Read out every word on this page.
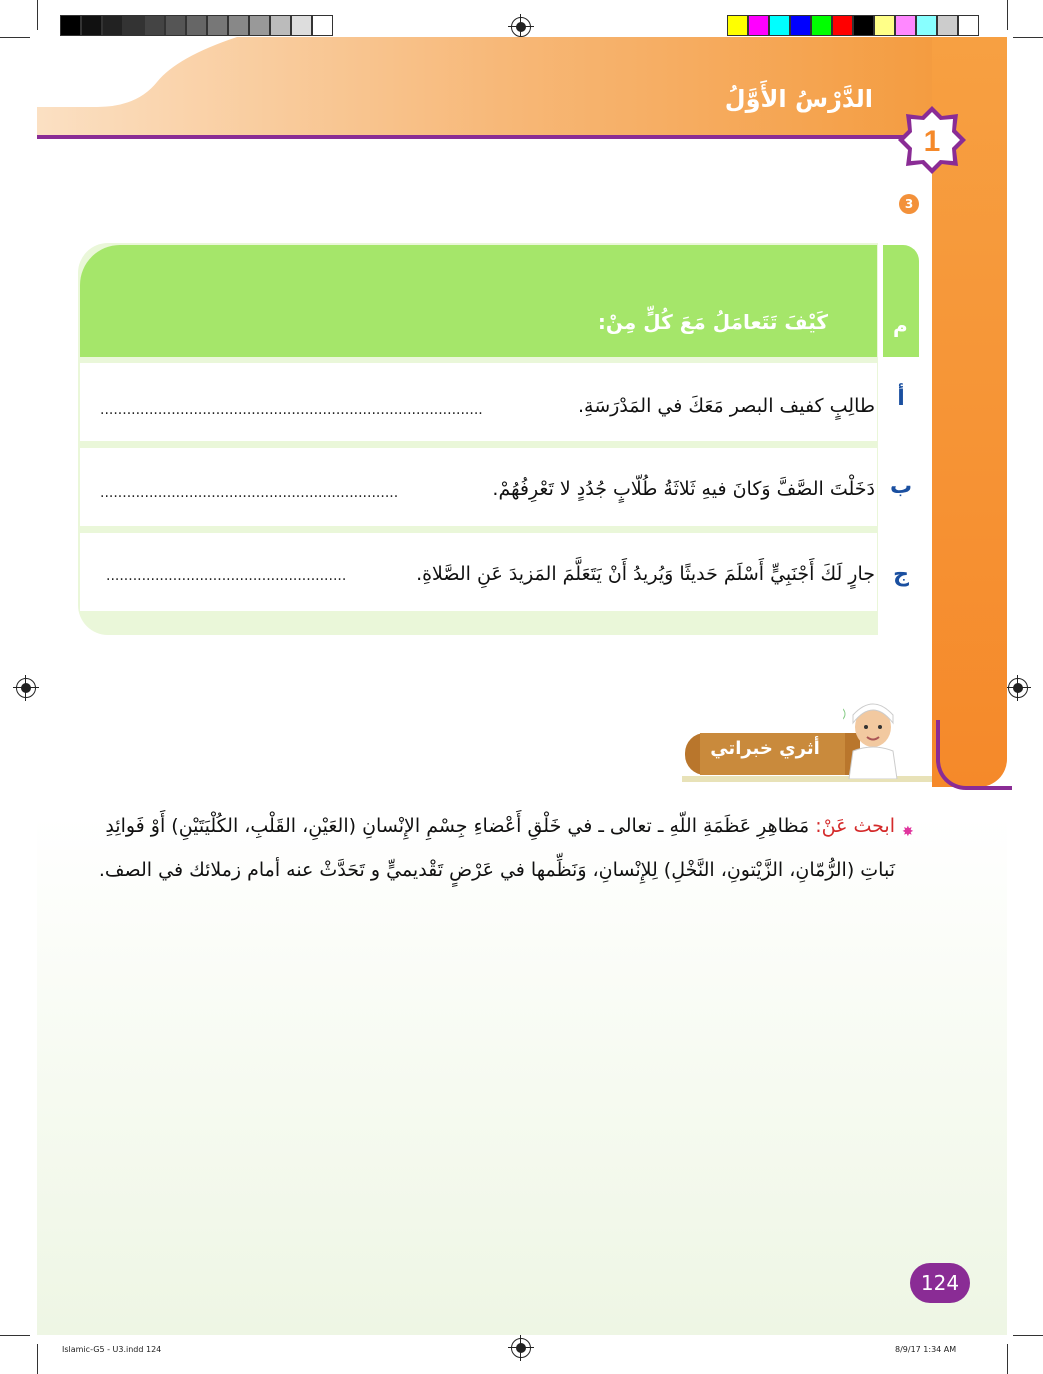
الدَّرْسُ الأَوَّلُ
1
3
كَيْفَ تَتَعامَلُ مَعَ كُلٍّ مِنْ:	م
أ
طالِبٍ كفيف البصر مَعَكَ في المَدْرَسَةِ.
......................................................................................
ب
دَخَلْتَ الصَّفَّ وَكانَ فيهِ ثَلاثَةُ طُلّابٍ جُدُدٍ لا تَعْرِفُهُمْ.
...................................................................
ج
جارٍ لَكَ أَجْنَبِيٍّ أَسْلَمَ حَديثًا وَيُريدُ أَنْ يَتَعَلَّمَ المَزيدَ عَنِ الصَّلاةِ.
......................................................
أثري خبراتي
✸
ابحث عَنْ: مَظاهِرِ عَظَمَةِ اللّهِ ـ تعالى ـ في خَلْقِ أَعْضاءِ جِسْمِ الإِنْسانِ (العَيْنِ، القَلْبِ، الكُلْيَتَيْنِ) أَوْ فَوائِدِ
نَباتِ (الرُّمّانِ، الزَّيْتونِ، النَّخْلِ) لِلإِنْسانِ، وَنَظِّمها في عَرْضٍ تَقْديميٍّ و تَحَدَّثْ عنه أمام زملائك في الصف.
124
Islamic-G5 - U3.indd 124	8/9/17 1:34 AM
